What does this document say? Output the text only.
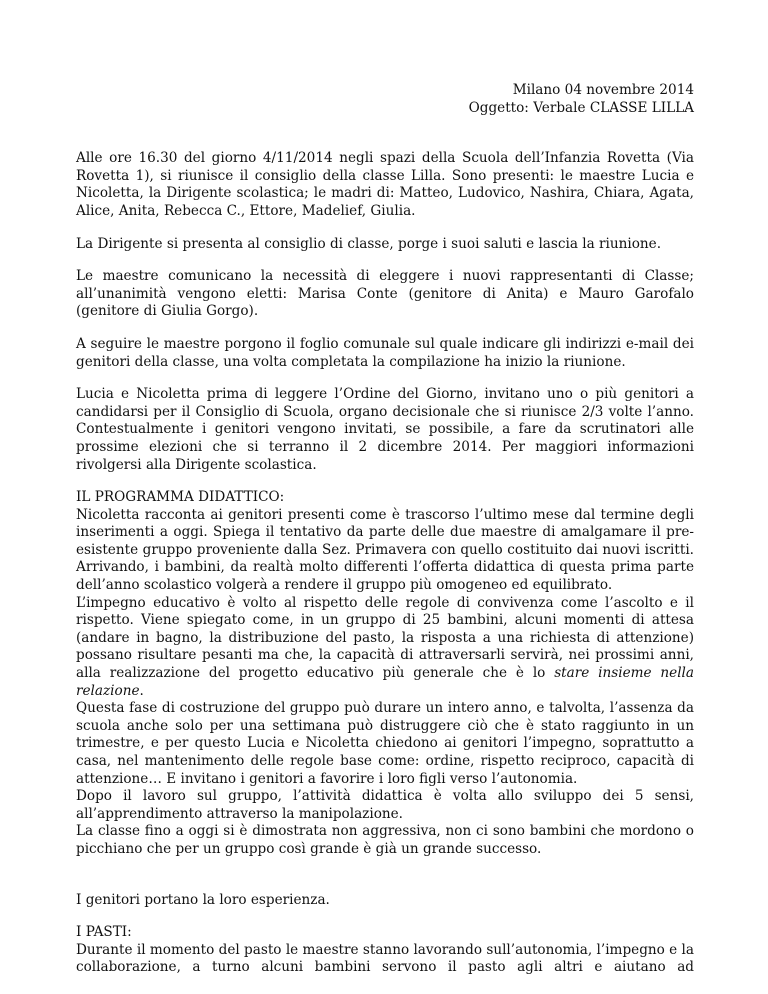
Milano 04 novembre 2014
Oggetto: Verbale CLASSE LILLA

Alle ore 16.30 del giorno 4/11/2014 negli spazi della Scuola dell’Infanzia Rovetta (Via Rovetta 1), si riunisce il consiglio della classe Lilla. Sono presenti: le maestre Lucia e Nicoletta, la Dirigente scolastica; le madri di: Matteo, Ludovico, Nashira, Chiara, Agata, Alice, Anita, Rebecca C., Ettore, Madelief, Giulia.

La Dirigente si presenta al consiglio di classe, porge i suoi saluti e lascia la riunione.

Le maestre comunicano la necessità di eleggere i nuovi rappresentanti di Classe; all’unanimità vengono eletti: Marisa Conte (genitore di Anita) e Mauro Garofalo (genitore di Giulia Gorgo).

A seguire le maestre porgono il foglio comunale sul quale indicare gli indirizzi e-mail dei genitori della classe, una volta completata la compilazione ha inizio la riunione.

Lucia e Nicoletta prima di leggere l’Ordine del Giorno, invitano uno o più genitori a candidarsi per il Consiglio di Scuola, organo decisionale che si riunisce 2/3 volte l’anno. Contestualmente i genitori vengono invitati, se possibile, a fare da scrutinatori alle prossime elezioni che si terranno il 2 dicembre 2014. Per maggiori informazioni rivolgersi alla Dirigente scolastica.

IL PROGRAMMA DIDATTICO:

Nicoletta racconta ai genitori presenti come è trascorso l’ultimo mese dal termine degli inserimenti a oggi. Spiega il tentativo da parte delle due maestre di amalgamare il pre-esistente gruppo proveniente dalla Sez. Primavera con quello costituito dai nuovi iscritti. Arrivando, i bambini, da realtà molto differenti l’offerta didattica di questa prima parte dell’anno scolastico volgerà a rendere il gruppo più omogeneo ed equilibrato.

L’impegno educativo è volto al rispetto delle regole di convivenza come l’ascolto e il rispetto. Viene spiegato come, in un gruppo di 25 bambini, alcuni momenti di attesa (andare in bagno, la distribuzione del pasto, la risposta a una richiesta di attenzione) possano risultare pesanti ma che, la capacità di attraversarli servirà, nei prossimi anni, alla realizzazione del progetto educativo più generale che è lo stare insieme nella relazione.

Questa fase di costruzione del gruppo può durare un intero anno, e talvolta, l’assenza da scuola anche solo per una settimana può distruggere ciò che è stato raggiunto in un trimestre, e per questo Lucia e Nicoletta chiedono ai genitori l’impegno, soprattutto a casa, nel mantenimento delle regole base come: ordine, rispetto reciproco, capacità di attenzione… E invitano i genitori a favorire i loro figli verso l’autonomia.

Dopo il lavoro sul gruppo, l’attività didattica è volta allo sviluppo dei 5 sensi, all’apprendimento attraverso la manipolazione.

La classe fino a oggi si è dimostrata non aggressiva, non ci sono bambini che mordono o picchiano che per un gruppo così grande è già un grande successo.

I genitori portano la loro esperienza.

I PASTI:

Durante il momento del pasto le maestre stanno lavorando sull’autonomia, l’impegno e la collaborazione, a turno alcuni bambini servono il pasto agli altri e aiutano ad
